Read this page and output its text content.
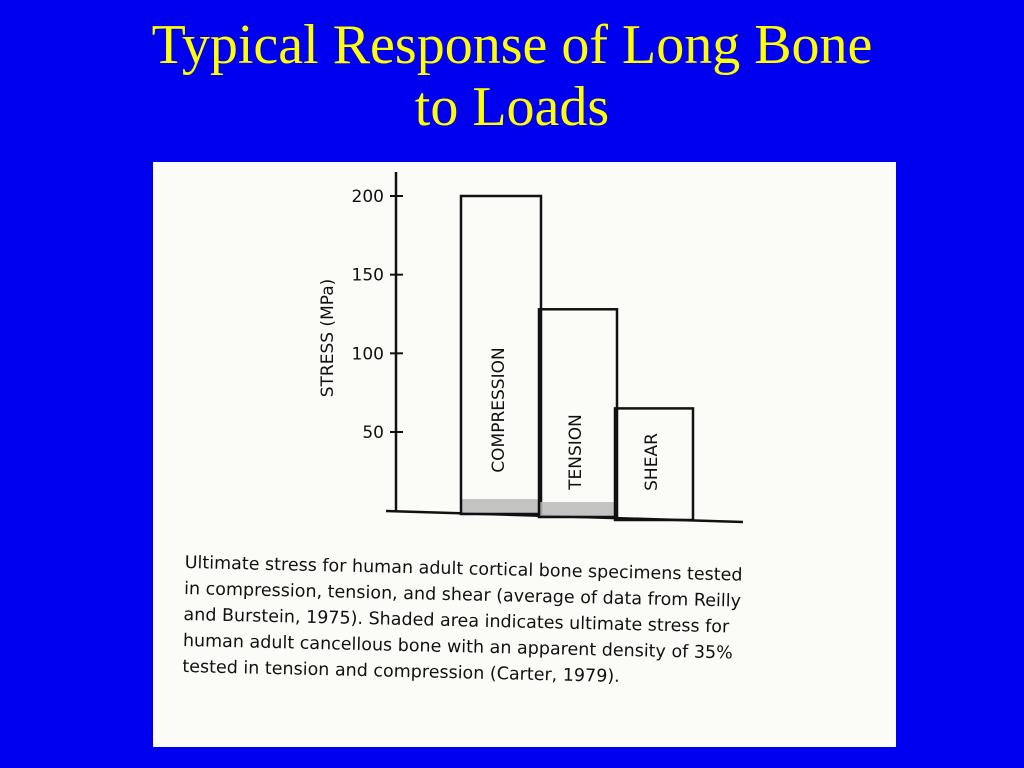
Typical Response of Long Bone
to Loads
50
100
150
200
STRESS (MPa)
COMPRESSION	TENSION	SHEAR
Ultimate stress for human adult cortical bone specimens tested
in compression, tension, and shear (average of data from Reilly
and Burstein, 1975). Shaded area indicates ultimate stress for
human adult cancellous bone with an apparent density of 35%
tested in tension and compression (Carter, 1979).
